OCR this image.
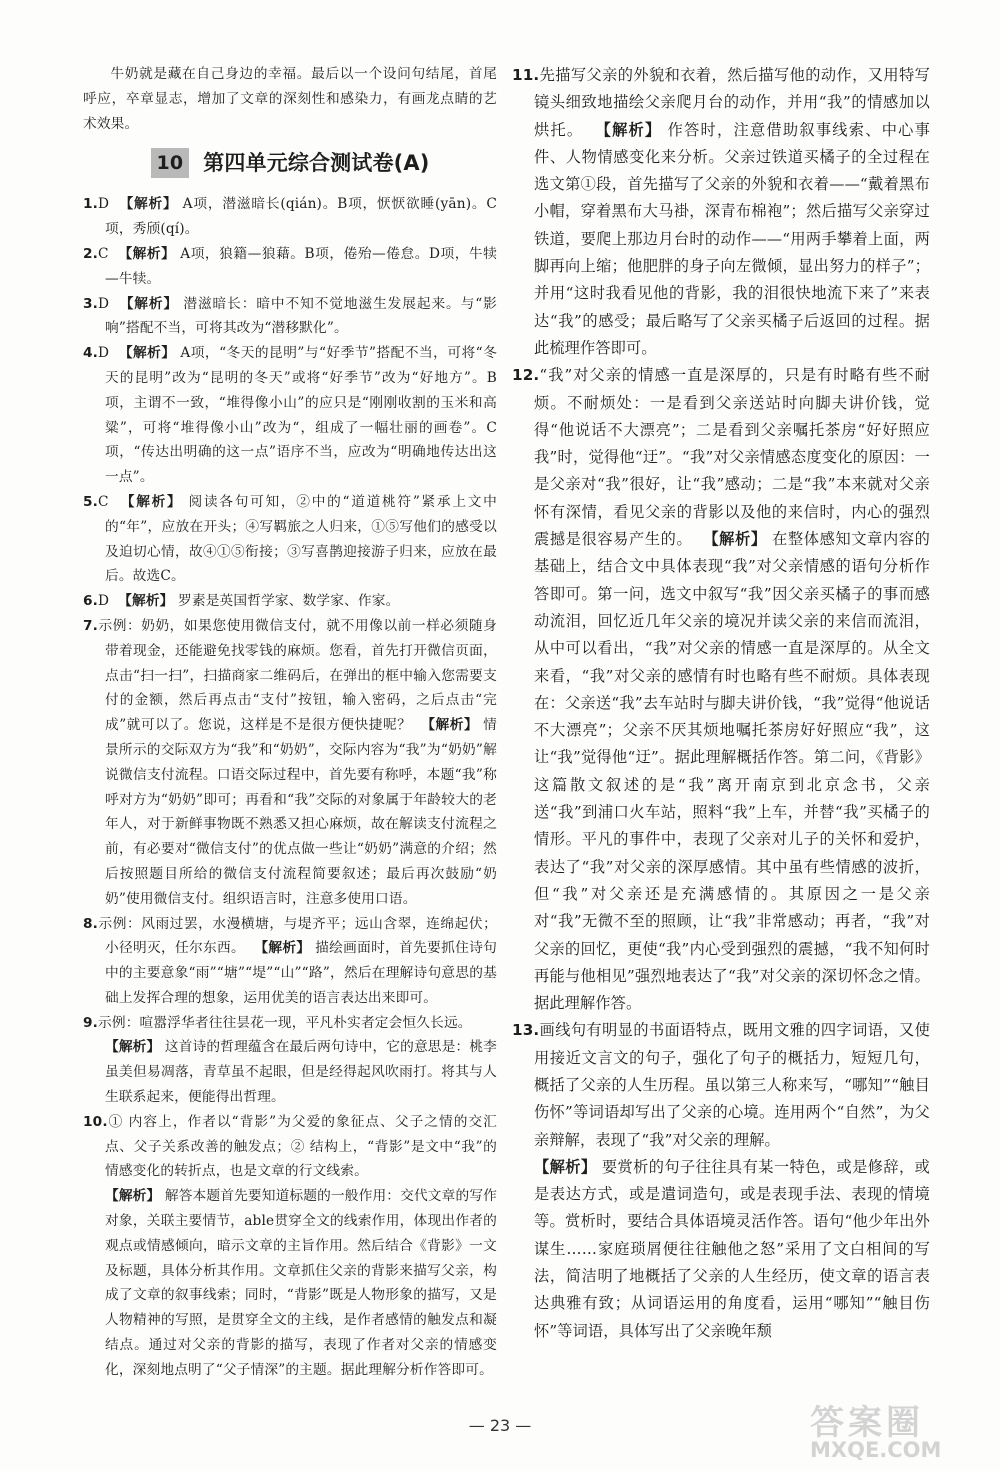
牛奶就是藏在自己身边的幸福。最后以一个设问句结尾，首尾呼应，卒章显志，增加了文章的深刻性和感染力，有画龙点睛的艺术效果。

10 第四单元综合测试卷(A)

1.D 【解析】 A项，潜滋暗长(qián)。B项，恹恹欲睡(yān)。C项，秀颀(qí)。

2.C 【解析】 A项，狼籍—狼藉。B项，倦殆—倦怠。D项，牛犊—牛犊。

3.D 【解析】 潜滋暗长：暗中不知不觉地滋生发展起来。与“影响”搭配不当，可将其改为“潜移默化”。

4.D 【解析】 A项，“冬天的昆明”与“好季节”搭配不当，可将“冬天的昆明”改为“昆明的冬天”或将“好季节”改为“好地方”。B项，主谓不一致，“堆得像小山”的应只是“刚刚收割的玉米和高粱”，可将“堆得像小山”改为“，组成了一幅壮丽的画卷”。C项，“传达出明确的这一点”语序不当，应改为“明确地传达出这一点”。

5.C 【解析】 阅读各句可知，②中的“道道桃符”紧承上文中的“年”，应放在开头；④写羁旅之人归来，①⑤写他们的感受以及迫切心情，故④①⑤衔接；③写喜鹊迎接游子归来，应放在最后。故选C。

6.D 【解析】 罗素是英国哲学家、数学家、作家。

7.示例：奶奶，如果您使用微信支付，就不用像以前一样必须随身带着现金，还能避免找零钱的麻烦。您看，首先打开微信页面，点击“扫一扫”，扫描商家二维码后，在弹出的框中输入您需要支付的金额，然后再点击“支付”按钮，输入密码，之后点击“完成”就可以了。您说，这样是不是很方便快捷呢？ 【解析】 情景所示的交际双方为“我”和“奶奶”，交际内容为“我”为“奶奶”解说微信支付流程。口语交际过程中，首先要有称呼，本题“我”称呼对方为“奶奶”即可；再看和“我”交际的对象属于年龄较大的老年人，对于新鲜事物既不熟悉又担心麻烦，故在解读支付流程之前，有必要对“微信支付”的优点做一些让“奶奶”满意的介绍；然后按照题目所给的微信支付流程简要叙述；最后再次鼓励“奶奶”使用微信支付。组织语言时，注意多使用口语。

8.示例：风雨过罢，水漫横塘，与堤齐平；远山含翠，连绵起伏；小径明灭，任尔东西。 【解析】 描绘画面时，首先要抓住诗句中的主要意象“雨”“塘”“堤”“山”“路”，然后在理解诗句意思的基础上发挥合理的想象，运用优美的语言表达出来即可。

9.示例：喧嚣浮华者往往昙花一现，平凡朴实者定会恒久长远。
【解析】 这首诗的哲理蕴含在最后两句诗中，它的意思是：桃李虽美但易凋落，青草虽不起眼，但是经得起风吹雨打。将其与人生联系起来，便能得出哲理。

10.① 内容上，作者以“背影”为父爱的象征点、父子之情的交汇点、父子关系改善的触发点；② 结构上，“背影”是文中“我”的情感变化的转折点，也是文章的行文线索。
【解析】 解答本题首先要知道标题的一般作用：交代文章的写作对象，关联主要情节，able贯穿全文的线索作用，体现出作者的观点或情感倾向，暗示文章的主旨作用。然后结合《背影》一文及标题，具体分析其作用。文章抓住父亲的背影来描写父亲，构成了文章的叙事线索；同时，“背影”既是人物形象的描写，又是人物精神的写照，是贯穿全文的主线，是作者感情的触发点和凝结点。通过对父亲的背影的描写，表现了作者对父亲的情感变化，深刻地点明了“父子情深”的主题。据此理解分析作答即可。

11.先描写父亲的外貌和衣着，然后描写他的动作，又用特写镜头细致地描绘父亲爬月台的动作，并用“我”的情感加以烘托。 【解析】 作答时，注意借助叙事线索、中心事件、人物情感变化来分析。父亲过铁道买橘子的全过程在选文第①段，首先描写了父亲的外貌和衣着——“戴着黑布小帽，穿着黑布大马褂，深青布棉袍”；然后描写父亲穿过铁道，要爬上那边月台时的动作——“用两手攀着上面，两脚再向上缩；他肥胖的身子向左微倾，显出努力的样子”；并用“这时我看见他的背影，我的泪很快地流下来了”来表达“我”的感受；最后略写了父亲买橘子后返回的过程。据此梳理作答即可。

12.“我”对父亲的情感一直是深厚的，只是有时略有些不耐烦。不耐烦处：一是看到父亲送站时向脚夫讲价钱，觉得“他说话不大漂亮”；二是看到父亲嘱托茶房“好好照应我”时，觉得他“迂”。“我”对父亲情感态度变化的原因：一是父亲对“我”很好，让“我”感动；二是“我”本来就对父亲怀有深情，看见父亲的背影以及他的来信时，内心的强烈震撼是很容易产生的。 【解析】 在整体感知文章内容的基础上，结合文中具体表现“我”对父亲情感的语句分析作答即可。第一问，选文中叙写“我”因父亲买橘子的事而感动流泪，回忆近几年父亲的境况并读父亲的来信而流泪，从中可以看出，“我”对父亲的情感一直是深厚的。从全文来看，“我”对父亲的感情有时也略有些不耐烦。具体表现在：父亲送“我”去车站时与脚夫讲价钱，“我”觉得“他说话不大漂亮”；父亲不厌其烦地嘱托茶房好好照应“我”，这让“我”觉得他“迂”。据此理解概括作答。第二问，《背影》这篇散文叙述的是“我”离开南京到北京念书，父亲送“我”到浦口火车站，照料“我”上车，并替“我”买橘子的情形。平凡的事件中，表现了父亲对儿子的关怀和爱护，表达了“我”对父亲的深厚感情。其中虽有些情感的波折，但“我”对父亲还是充满感情的。其原因之一是父亲对“我”无微不至的照顾，让“我”非常感动；再者，“我”对父亲的回忆，更使“我”内心受到强烈的震撼，“我不知何时再能与他相见”强烈地表达了“我”对父亲的深切怀念之情。据此理解作答。

13.画线句有明显的书面语特点，既用文雅的四字词语，又使用接近文言文的句子，强化了句子的概括力，短短几句，概括了父亲的人生历程。虽以第三人称来写，“哪知”“触目伤怀”等词语却写出了父亲的心境。连用两个“自然”，为父亲辩解，表现了“我”对父亲的理解。
【解析】 要赏析的句子往往具有某一特色，或是修辞，或是表达方式，或是遣词造句，或是表现手法、表现的情境等。赏析时，要结合具体语境灵活作答。语句“他少年出外谋生……家庭琐屑便往往触他之怒”采用了文白相间的写法，简洁明了地概括了父亲的人生经历，使文章的语言表达典雅有致；从词语运用的角度看，运用“哪知”“触目伤怀”等词语，具体写出了父亲晚年颓

— 23 —	答案圈
MXQE.COM
